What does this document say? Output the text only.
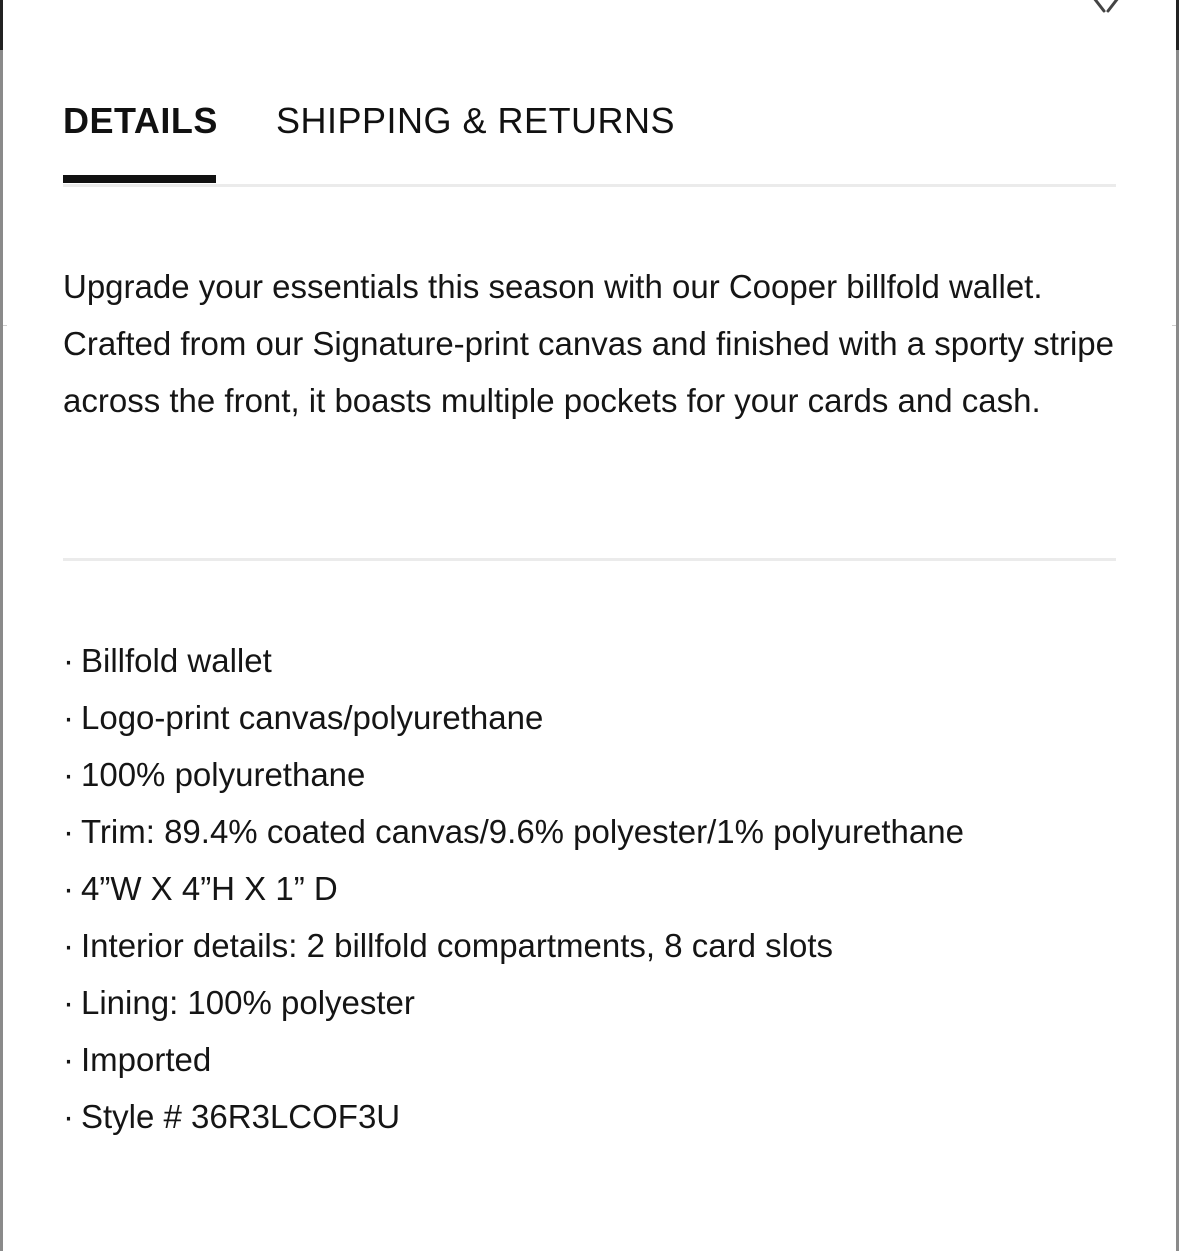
DETAILS SHIPPING & RETURNS

Upgrade your essentials this season with our Cooper billfold wallet. Crafted from our Signature-print canvas and finished with a sporty stripe across the front, it boasts multiple pockets for your cards and cash.

· Billfold wallet
· Logo-print canvas/polyurethane
· 100% polyurethane
· Trim: 89.4% coated canvas/9.6% polyester/1% polyurethane
· 4”W X 4”H X 1” D
· Interior details: 2 billfold compartments, 8 card slots
· Lining: 100% polyester
· Imported
· Style # 36R3LCOF3U
